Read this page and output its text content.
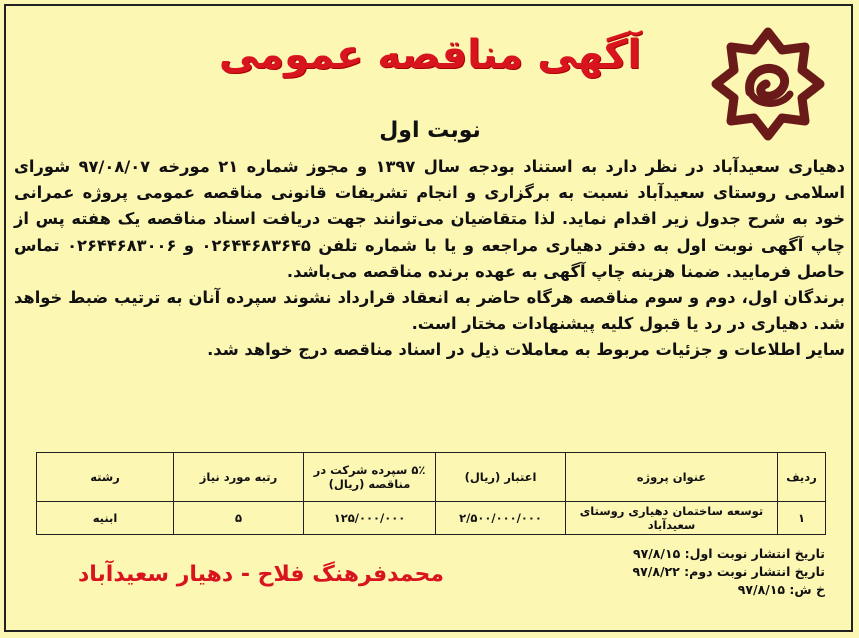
آگهی مناقصه عمومی
نوبت اول

دهیاری سعیدآباد در نظر دارد به استناد بودجه سال ۱۳۹۷ و مجوز شماره ۲۱ مورخه ۹۷/۰۸/۰۷ شورای اسلامی روستای سعیدآباد نسبت به برگزاری و انجام تشریفات قانونی مناقصه عمومی پروژه عمرانی خود به شرح جدول زیر اقدام نماید. لذا متقاضیان می‌توانند جهت دریافت اسناد مناقصه یک هفته پس از چاپ آگهی نوبت اول به دفتر دهیاری مراجعه و یا با شماره تلفن ۰۲۶۴۴۶۸۳۶۴۵ و ۰۲۶۴۴۶۸۳۰۰۶ تماس حاصل فرمایید. ضمنا هزینه چاپ آگهی به عهده برنده مناقصه می‌باشد.

برندگان اول، دوم و سوم مناقصه هرگاه حاضر به انعقاد قرارداد نشوند سپرده آنان به ترتیب ضبط خواهد شد. دهیاری در رد یا قبول کلیه پیشنهادات مختار است.

سایر اطلاعات و جزئیات مربوط به معاملات ذیل در اسناد مناقصه درج خواهد شد.

ردیف	عنوان پروژه	اعتبار (ریال)	۵٪ سپرده شرکت در مناقصه (ریال)	رتبه مورد نیاز	رشته
۱	توسعه ساختمان دهیاری روستای سعیدآباد	۲/۵۰۰/۰۰۰/۰۰۰	۱۲۵/۰۰۰/۰۰۰	۵	ابنیه
تاریخ انتشار نوبت اول: ۹۷/۸/۱۵
تاریخ انتشار نوبت دوم: ۹۷/۸/۲۲
خ ش: ۹۷/۸/۱۵
محمدفرهنگ فلاح - دهیار سعیدآباد
